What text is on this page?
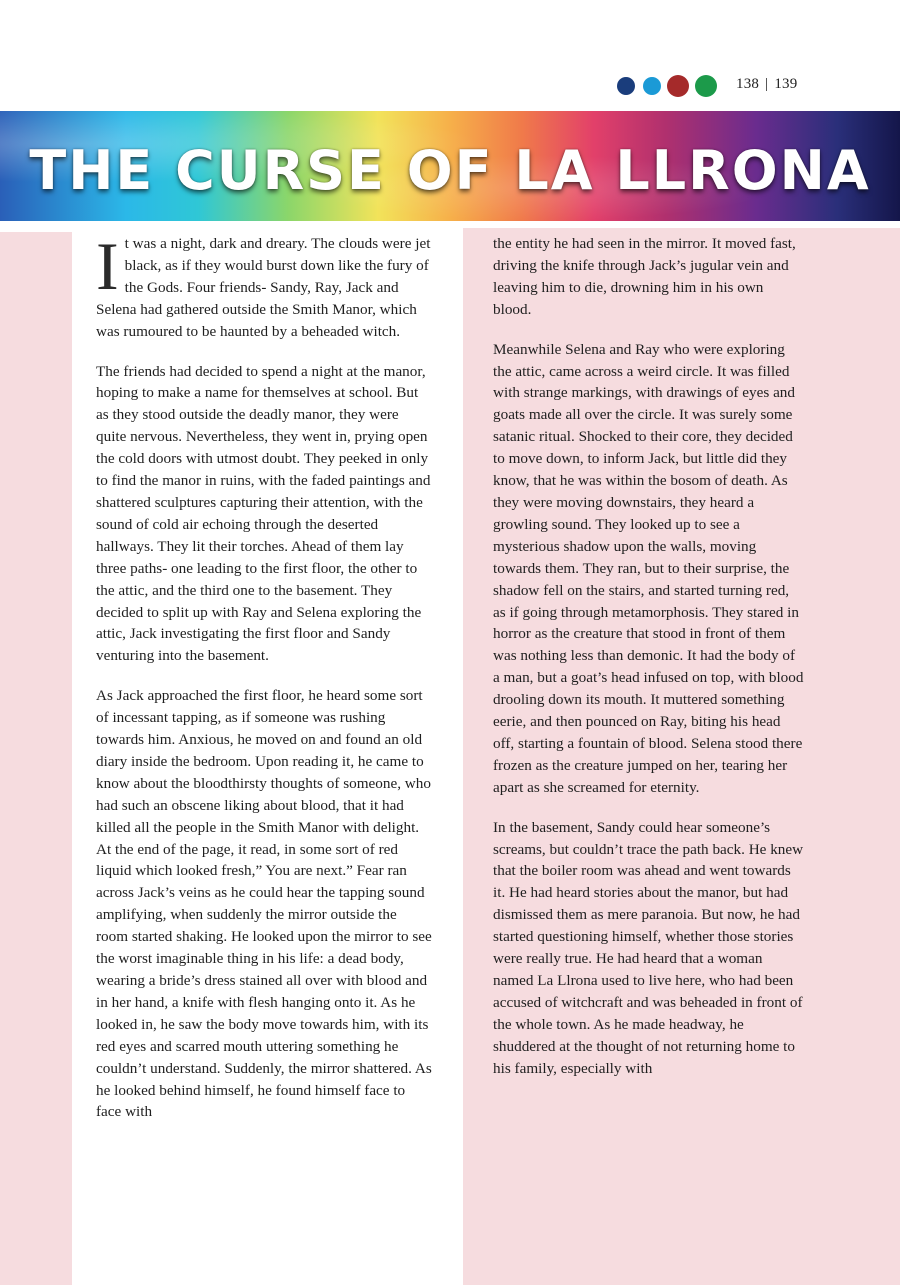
138 | 139
THE CURSE OF LA LLRONA

It was a night, dark and dreary. The clouds were jet black, as if they would burst down like the fury of the Gods. Four friends- Sandy, Ray, Jack and Selena had gathered outside the Smith Manor, which was rumoured to be haunted by a beheaded witch.

The friends had decided to spend a night at the manor, hoping to make a name for themselves at school. But as they stood outside the deadly manor, they were quite nervous. Nevertheless, they went in, prying open the cold doors with utmost doubt. They peeked in only to find the manor in ruins, with the faded paintings and shattered sculptures capturing their attention, with the sound of cold air echoing through the deserted hallways. They lit their torches. Ahead of them lay three paths- one leading to the first floor, the other to the attic, and the third one to the basement. They decided to split up with Ray and Selena exploring the attic, Jack investigating the first floor and Sandy venturing into the basement.

As Jack approached the first floor, he heard some sort of incessant tapping, as if someone was rushing towards him. Anxious, he moved on and found an old diary inside the bedroom. Upon reading it, he came to know about the bloodthirsty thoughts of someone, who had such an obscene liking about blood, that it had killed all the people in the Smith Manor with delight. At the end of the page, it read, in some sort of red liquid which looked fresh,” You are next.” Fear ran across Jack’s veins as he could hear the tapping sound amplifying, when suddenly the mirror outside the room started shaking. He looked upon the mirror to see the worst imaginable thing in his life: a dead body, wearing a bride’s dress stained all over with blood and in her hand, a knife with flesh hanging onto it. As he looked in, he saw the body move towards him, with its red eyes and scarred mouth uttering something he couldn’t understand. Suddenly, the mirror shattered. As he looked behind himself, he found himself face to face with

the entity he had seen in the mirror. It moved fast, driving the knife through Jack’s jugular vein and leaving him to die, drowning him in his own blood.

Meanwhile Selena and Ray who were exploring the attic, came across a weird circle. It was filled with strange markings, with drawings of eyes and goats made all over the circle. It was surely some satanic ritual. Shocked to their core, they decided to move down, to inform Jack, but little did they know, that he was within the bosom of death. As they were moving downstairs, they heard a growling sound. They looked up to see a mysterious shadow upon the walls, moving towards them. They ran, but to their surprise, the shadow fell on the stairs, and started turning red, as if going through metamorphosis. They stared in horror as the creature that stood in front of them was nothing less than demonic. It had the body of a man, but a goat’s head infused on top, with blood drooling down its mouth. It muttered something eerie, and then pounced on Ray, biting his head off, starting a fountain of blood. Selena stood there frozen as the creature jumped on her, tearing her apart as she screamed for eternity.

In the basement, Sandy could hear someone’s screams, but couldn’t trace the path back. He knew that the boiler room was ahead and went towards it. He had heard stories about the manor, but had dismissed them as mere paranoia. But now, he had started questioning himself, whether those stories were really true. He had heard that a woman named La Llrona used to live here, who had been accused of witchcraft and was beheaded in front of the whole town. As he made headway, he shuddered at the thought of not returning home to his family, especially with
